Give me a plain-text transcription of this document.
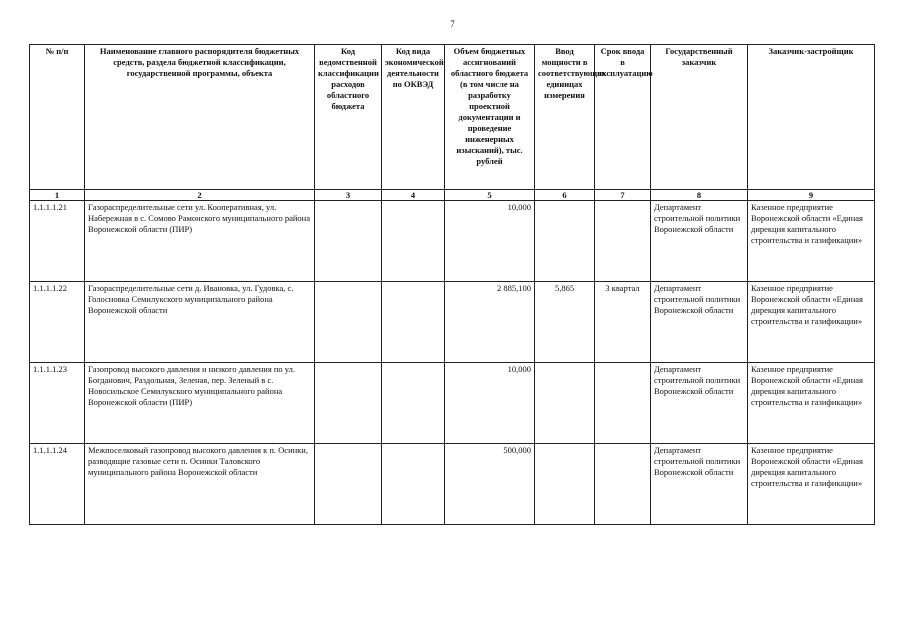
7
№ п/п	Наименование главного распорядителя бюджетных средств, раздела бюджетной классификации, государственной программы, объекта	Код ведомственной классификации расходов областного бюджета	Код вида экономической деятельности по ОКВЭД	Объем бюджетных ассигнований областного бюджета (в том числе на разработку проектной документации и проведение инженерных изысканий), тыс. рублей	Ввод мощности в соответствующих единицах измерения	Срок ввода в эксплуатацию	Государственный заказчик	Заказчик-застройщик
1	2	3	4	5	6	7	8	9
1.1.1.1.21	Газораспределительные сети ул. Кооперативная, ул. Набережная в с. Сомово Рамонского муниципального района Воронежской области (ПИР)			10,000			Департамент строительной политики Воронежской области	Казенное предприятие Воронежской области «Единая дирекция капитального строительства и газификации»
1.1.1.1.22	Газораспределительные сети д. Ивановка, ул. Гудовка, с. Голосновка Семилукского муниципального района Воронежской области			2 885,100	5,865	3 квартал	Департамент строительной политики Воронежской области	Казенное предприятие Воронежской области «Единая дирекция капитального строительства и газификации»
1.1.1.1.23	Газопровод высокого давления и низкого давления по ул. Богданович, Раздольная, Зеленая, пер. Зеленый в с. Новосильское Семилукского муниципального района Воронежской области (ПИР)			10,000			Департамент строительной политики Воронежской области	Казенное предприятие Воронежской области «Единая дирекция капитального строительства и газификации»
1.1.1.1.24	Межпоселковый газопровод высокого давления к п. Осинки, разводящие газовые сети п. Осинки Таловского муниципального района Воронежской области			500,000			Департамент строительной политики Воронежской области	Казенное предприятие Воронежской области «Единая дирекция капитального строительства и газификации»
